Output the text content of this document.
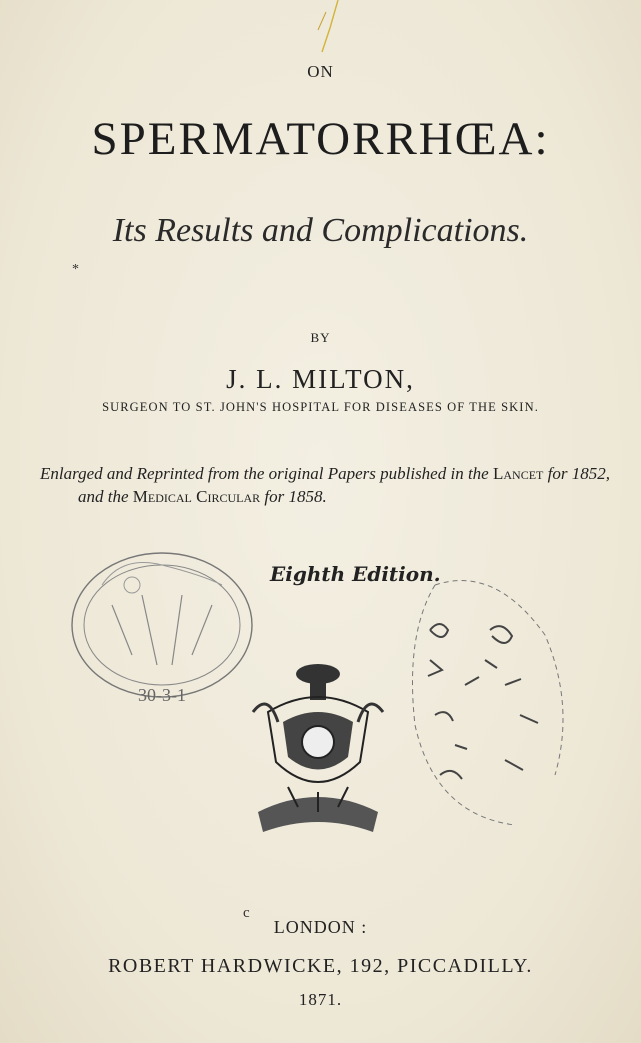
ON
SPERMATORRHŒA:
Its Results and Complications.
*
BY
J. L. MILTON,
SURGEON TO ST. JOHN'S HOSPITAL FOR DISEASES OF THE SKIN.
Enlarged and Reprinted from the original Papers published in the Lancet for 1852,
and the Medical Circular for 1858.
30-3-1
Eighth Edition.
c
LONDON :
ROBERT HARDWICKE, 192, PICCADILLY.
1871.
